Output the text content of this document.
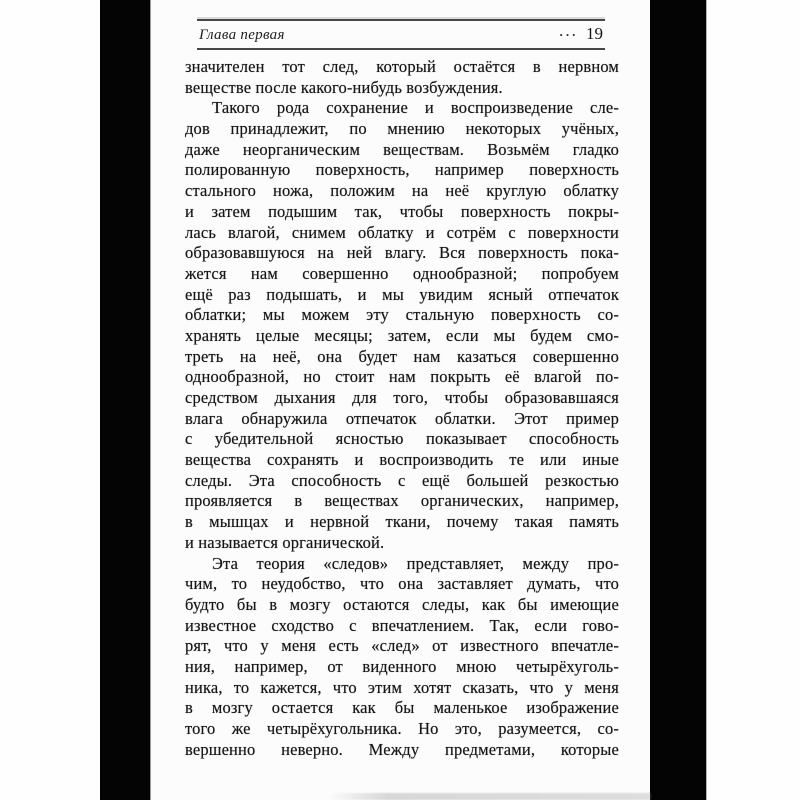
Глава первая	··· 19
значителен тот след, который остаётся в нервном
веществе после какого-нибудь возбуждения.
Такого рода сохранение и воспроизведение сле-
дов принадлежит, по мнению некоторых учёных,
даже неорганическим веществам. Возьмём гладко
полированную поверхность, например поверхность
стального ножа, положим на неё круглую облатку
и затем подышим так, чтобы поверхность покры-
лась влагой, снимем облатку и сотрём с поверхности
образовавшуюся на ней влагу. Вся поверхность пока-
жется нам совершенно однообразной; попробуем
ещё раз подышать, и мы увидим ясный отпечаток
облатки; мы можем эту стальную поверхность со-
хранять целые месяцы; затем, если мы будем смо-
треть на неё, она будет нам казаться совершенно
однообразной, но стоит нам покрыть её влагой по-
средством дыхания для того, чтобы образовавшаяся
влага обнаружила отпечаток облатки. Этот пример
с убедительной ясностью показывает способность
вещества сохранять и воспроизводить те или иные
следы. Эта способность с ещё большей резкостью
проявляется в веществах органических, например,
в мышцах и нервной ткани, почему такая память
и называется органической.
Эта теория «следов» представляет, между про-
чим, то неудобство, что она заставляет думать, что
будто бы в мозгу остаются следы, как бы имеющие
известное сходство с впечатлением. Так, если гово-
рят, что у меня есть «след» от известного впечатле-
ния, например, от виденного мною четырёхуголь-
ника, то кажется, что этим хотят сказать, что у меня
в мозгу остается как бы маленькое изображение
того же четырёхугольника. Но это, разумеется, со-
вершенно неверно. Между предметами, которые
